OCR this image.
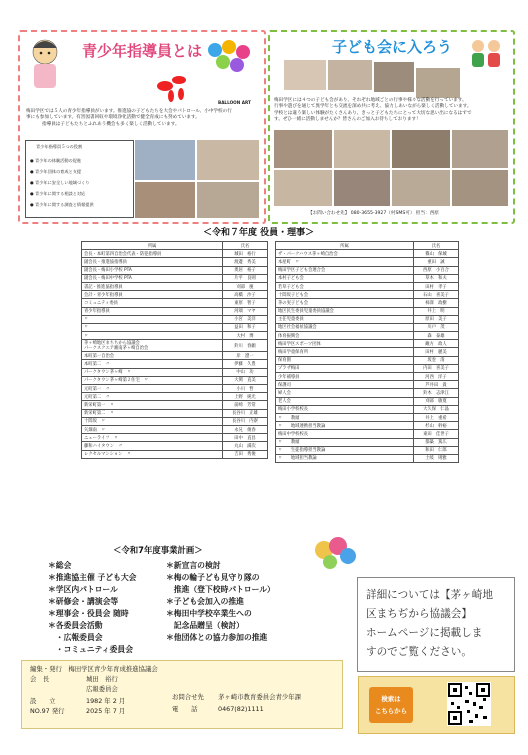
青少年指導員とは
BALLOON ART
梅田学区では５人の青少年指導員がいます。推進協の子どもたちを大会やパトロール、小中学校の行
事にも参加しています。有害図書回収や環境浄化活動で健全育成にも努めています。
指導員は子どもたちとふれあう機会も多く楽しく活動しています。
青少年指導員５つの役割
● 青少年の体験活動の促進
● 青少年団体の育成と支援
● 青少年に安全しい地域づくり
● 青少年に関する相談と対応
● 青少年に関する調査と情報提供
子ども会に入ろう
梅田学区には４つの子ども会があり、それぞれ地域ごとの行事や様々な活動を行っています。
行事や遊びを通じて異学年とも交流を深め共に考え、協力しあいながら楽しく活動しています。
学校とは違う楽しい体験がたくさんあり、きっと子どもたちにとって大切な思い出になるはずで
す。ぜひ一緒に活動しませんか？皆さんのご加入お待ちしております！
【お問い合わせ先】 080-3655-3927（村SMS可） 担当：西原
＜令和７年度 役員・理事＞
所属	氏名
会長・本町第四自治会代表・防犯指導員	城田　裕行
副会長・推進協指導員	渡邊　秀美
副会長・梅田小学校 PTA	奥居　裕子
副会長・梅田中学校 PTA	片平　良則
書記・推進協指導員	刈部　慶
会計・青少年指導員	高橋　沙子
コミュニティ委員	東原　智子
青少年指導員	河端　マヤ
〃	小宮　美洋
〃	益田　和子
〃	大村　博
茅ヶ崎地区まちちから協議会
パークスクエア湘南茅ヶ崎自治会	鈴川　春頼
本町第一自治会	岸　遼一
本町第二　〃	伊藤　久豊
パークタウン茅ヶ崎　〃	中山　功
パークタウン茅ヶ崎第２住宅　〃	大関　直美
元町第一　〃	小川　哲
元町第二　〃	上野　純光
新栄町第一　〃	前崎　芳常
新栄町第二　〃	長谷川　正雄
十間坂　〃	長谷川　内寮
矢畑南　〃	永兄　俊春
ニューライフ　〃	田中　直昌
藤和ハイタウン　〃	丸山　満次
レクセルマンション　〃	吉田　秀俊
所属	氏名
ザ・パークハウス茅ヶ崎自治会	篠山　保城
本屋町　〃	重田　誠
梅田学区子ども会連合会	西原　小百合
本村子ども会	草木　和夫
若草子ども会	田村　孝子
十間坂子ども会	石山　喜美子
茅の実子ども会	柿澤　政樹
地区民生委員児童委員協議会	井上　明
主任児童委員	原田　美子
地区社会福祉協議会	川戸　茂
体育振興会	森　泰雄
梅田学区スポーツ団体	観方　政人
梅田学童保育所	田村　麗美
保育園	坂巻　清
プラザ梅田	内田　喜美子
少年補導員	河西　洋子
保護司	芦井田　貴
婦人会	鈴木　志津江
老人会	刈部　敏寛
梅田小学校校長	大久保　仁晶
〃　　教頭	井上　重希
〃　　地域連携担当教論	杉山　幹裕
梅田中学校校長	東田　佳世子
〃　　教頭	都築　篤広
〃　　生徒指導担当教論	和田　仁郎
〃　　地域担当教論	土岐　則雅
＜令和7年度事業計画＞
＊総会
＊推進協主催 子ども大会
＊学区内パトロール
＊研修会・講演会等
＊理事会・役員会 随時
＊各委員会活動
　・広報委員会
　・コミュニティ委員会
＊新宣言の検討
＊梅の輪子ども見守り隊の
　推進（登下校時パトロール）
＊子ども会加入の推進
＊梅田中学校卒業生への
　記念品贈呈（検討）
＊他団体との協力参加の推進
詳細については【茅ヶ崎地
区まちぢから協議会】
ホームページに掲載しま
すのでご覧ください。
編集・発行　梅田学区青少年育成推進協議会
会　長	城田　裕行
広報委員会
設　　立	1982 年 2 月
NO.97 発行	2025 年 7 月
お問合せ先 茅ヶ崎市教育委員会青少年課
電　　話	0467(82)1111
検索は
こちらから
